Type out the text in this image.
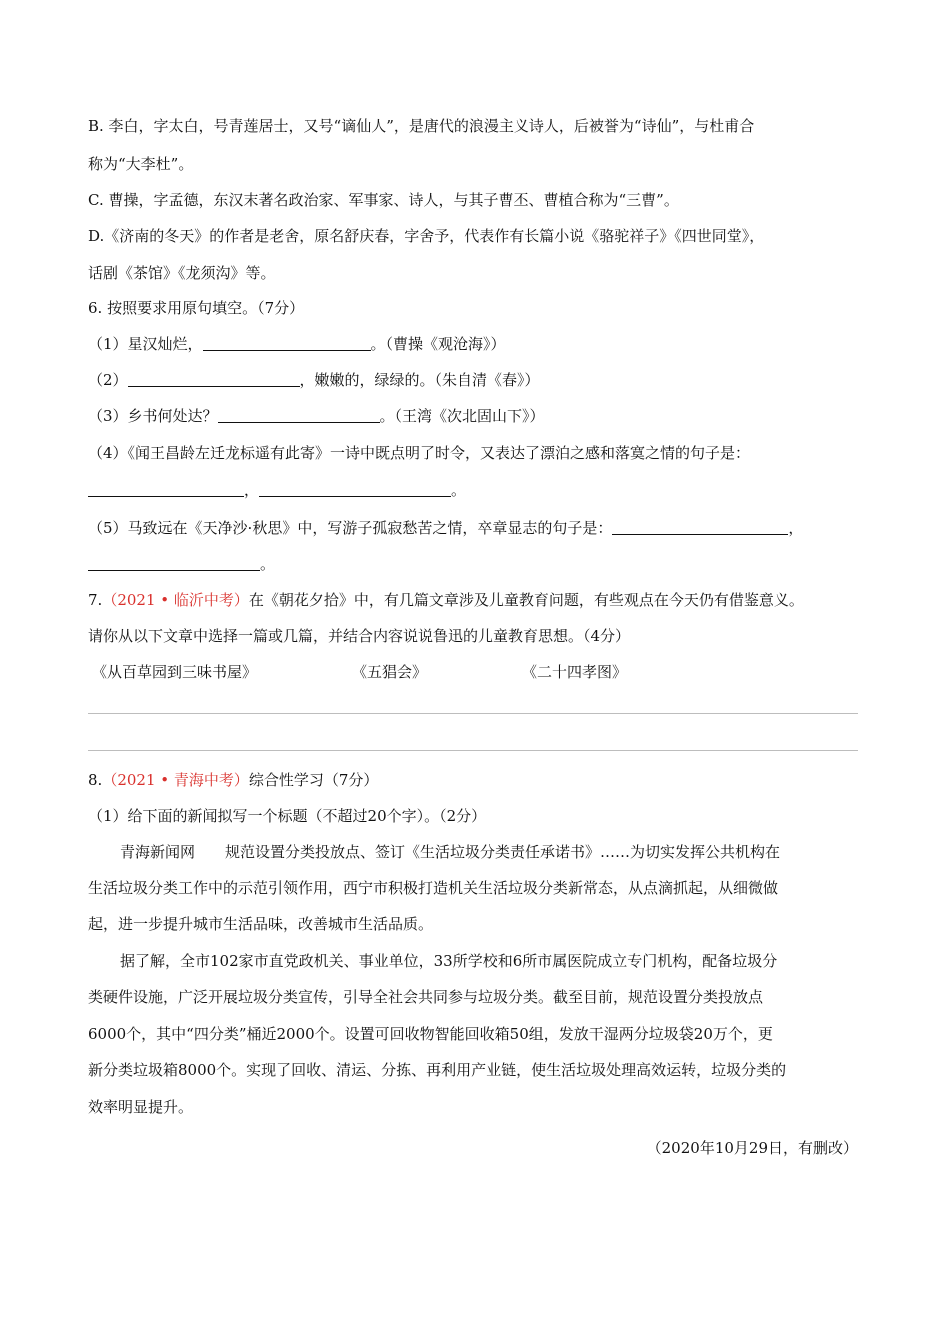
B. 李白，字太白，号青莲居士，又号“谪仙人”，是唐代的浪漫主义诗人，后被誉为“诗仙”，与杜甫合
称为“大李杜”。
C. 曹操，字孟德，东汉末著名政治家、军事家、诗人，与其子曹丕、曹植合称为“三曹”。
D.《济南的冬天》的作者是老舍，原名舒庆春，字舍予，代表作有长篇小说《骆驼祥子》《四世同堂》，
话剧《茶馆》《龙须沟》等。
6. 按照要求用原句填空。（7分）
（1）星汉灿烂，	。（曹操《观沧海》）
（2）	，嫩嫩的，绿绿的。（朱自清《春》）
（3）乡书何处达？	。（王湾《次北固山下》）
（4）《闻王昌龄左迁龙标遥有此寄》一诗中既点明了时令，又表达了漂泊之感和落寞之情的句子是：
，	。
（5）马致远在《天净沙·秋思》中，写游子孤寂愁苦之情，卒章显志的句子是：	，
。
7.（2021 • 临沂中考）在《朝花夕拾》中，有几篇文章涉及儿童教育问题，有些观点在今天仍有借鉴意义。
请你从以下文章中选择一篇或几篇，并结合内容说说鲁迅的儿童教育思想。（4分）
《从百草园到三味书屋》	《五猖会》	《二十四孝图》
8.（2021 • 青海中考）综合性学习（7分）
（1）给下面的新闻拟写一个标题（不超过20个字）。（2分）
青海新闻网　　规范设置分类投放点、签订《生活垃圾分类责任承诺书》……为切实发挥公共机构在
生活垃圾分类工作中的示范引领作用，西宁市积极打造机关生活垃圾分类新常态，从点滴抓起，从细微做
起，进一步提升城市生活品味，改善城市生活品质。
据了解，全市102家市直党政机关、事业单位，33所学校和6所市属医院成立专门机构，配备垃圾分
类硬件设施，广泛开展垃圾分类宣传，引导全社会共同参与垃圾分类。截至目前，规范设置分类投放点
6000个，其中“四分类”桶近2000个。设置可回收物智能回收箱50组，发放干湿两分垃圾袋20万个，更
新分类垃圾箱8000个。实现了回收、清运、分拣、再利用产业链，使生活垃圾处理高效运转，垃圾分类的
效率明显提升。
（2020年10月29日，有删改）
